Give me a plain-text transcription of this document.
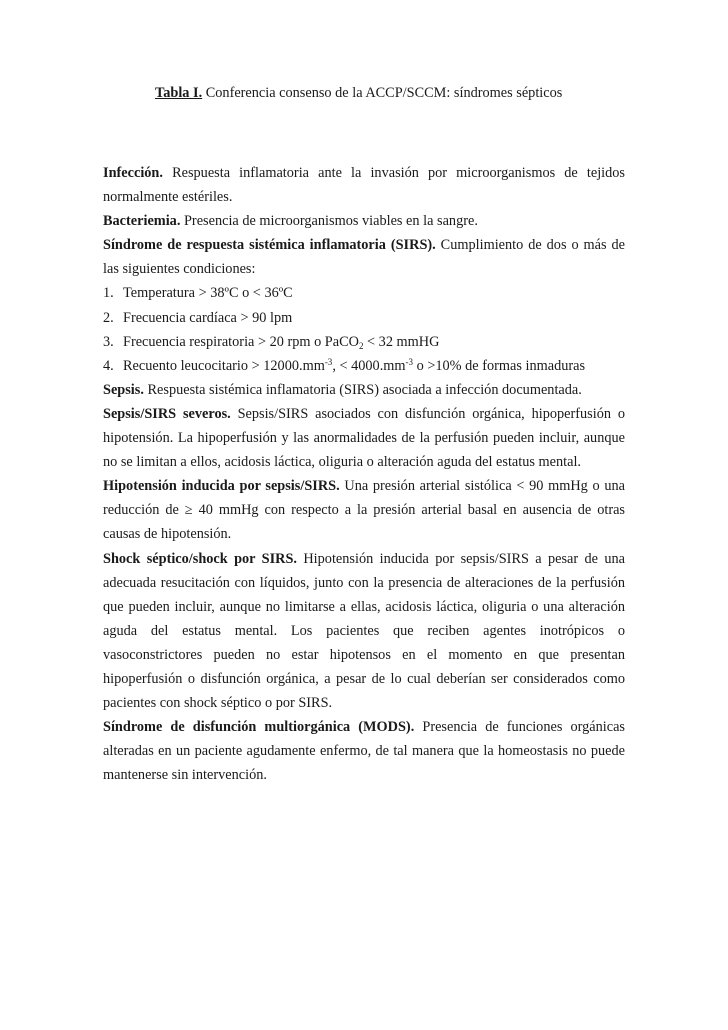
Tabla I. Conferencia consenso de la ACCP/SCCM: síndromes sépticos

Infección. Respuesta inflamatoria ante la invasión por microorganismos de tejidos normalmente estériles.

Bacteriemia. Presencia de microorganismos viables en la sangre.

Síndrome de respuesta sistémica inflamatoria (SIRS). Cumplimiento de dos o más de las siguientes condiciones:

1. Temperatura > 38ºC o < 36ºC

2. Frecuencia cardíaca > 90 lpm

3. Frecuencia respiratoria > 20 rpm o PaCO$_2$ < 32 mmHG

4. Recuento leucocitario > $12000.mm^{-3}$, < $4000.mm^{-3}$ o >10% de formas inmaduras

Sepsis. Respuesta sistémica inflamatoria (SIRS) asociada a infección documentada.

Sepsis/SIRS severos. Sepsis/SIRS asociados con disfunción orgánica, hipoperfusión o hipotensión. La hipoperfusión y las anormalidades de la perfusión pueden incluir, aunque no se limitan a ellos, acidosis láctica, oliguria o alteración aguda del estatus mental.

Hipotensión inducida por sepsis/SIRS. Una presión arterial sistólica < 90 mmHg o una reducción de ≥ 40 mmHg con respecto a la presión arterial basal en ausencia de otras causas de hipotensión.

Shock séptico/shock por SIRS. Hipotensión inducida por sepsis/SIRS a pesar de una adecuada resucitación con líquidos, junto con la presencia de alteraciones de la perfusión que pueden incluir, aunque no limitarse a ellas, acidosis láctica, oliguria o una alteración aguda del estatus mental. Los pacientes que reciben agentes inotrópicos o vasoconstrictores pueden no estar hipotensos en el momento en que presentan hipoperfusión o disfunción orgánica, a pesar de lo cual deberían ser considerados como pacientes con shock séptico o por SIRS.

Síndrome de disfunción multiorgánica (MODS). Presencia de funciones orgánicas alteradas en un paciente agudamente enfermo, de tal manera que la homeostasis no puede mantenerse sin intervención.
